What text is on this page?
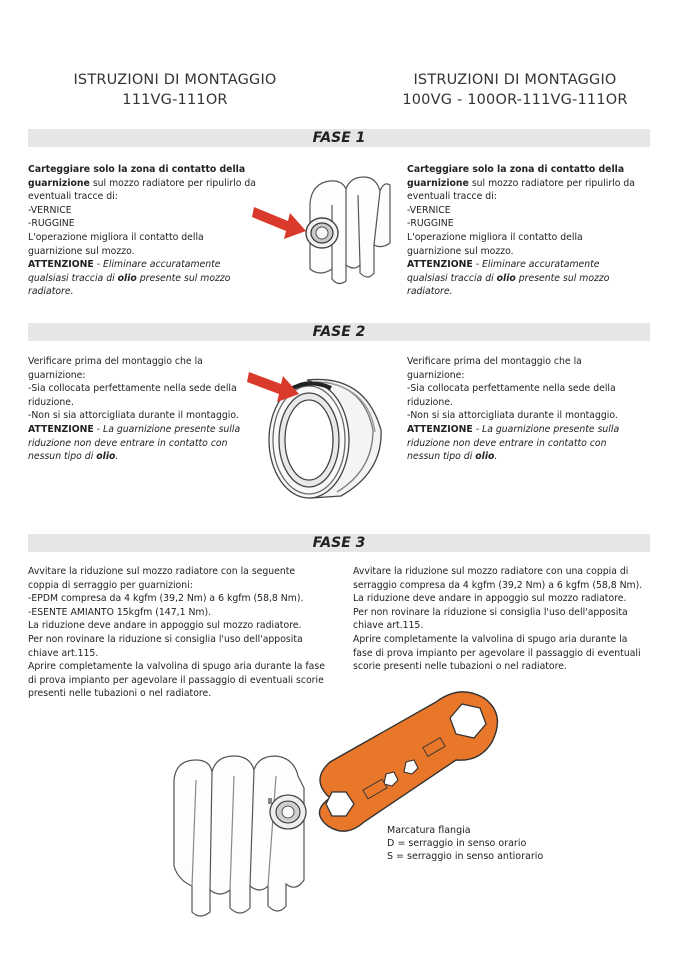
ISTRUZIONI DI MONTAGGIO
111VG-111OR
ISTRUZIONI DI MONTAGGIO
100VG - 100OR-111VG-111OR
FASE 1
Carteggiare solo la zona di contatto della guarnizione sul mozzo radiatore per ripulirlo da eventuali tracce di:
-VERNICE
-RUGGINE
L'operazione migliora il contatto della guarnizione sul mozzo.
ATTENZIONE - Eliminare accuratamente qualsiasi traccia di olio presente sul mozzo radiatore.
Carteggiare solo la zona di contatto della guarnizione sul mozzo radiatore per ripulirlo da eventuali tracce di:
-VERNICE
-RUGGINE
L'operazione migliora il contatto della guarnizione sul mozzo.
ATTENZIONE - Eliminare accuratamente qualsiasi traccia di olio presente sul mozzo radiatore.
FASE 2
Verificare prima del montaggio che la guarnizione:
-Sia collocata perfettamente nella sede della riduzione.
-Non si sia attorcigliata durante il montaggio.
ATTENZIONE - La guarnizione presente sulla riduzione non deve entrare in contatto con nessun tipo di olio.
Verificare prima del montaggio che la guarnizione:
-Sia collocata perfettamente nella sede della riduzione.
-Non si sia attorcigliata durante il montaggio.
ATTENZIONE - La guarnizione presente sulla riduzione non deve entrare in contatto con nessun tipo di olio.
FASE 3
Avvitare la riduzione sul mozzo radiatore con la seguente
coppia di serraggio per guarnizioni:
-EPDM compresa da 4 kgfm (39,2 Nm) a 6 kgfm (58,8 Nm).
-ESENTE AMIANTO 15kgfm (147,1 Nm).
La riduzione deve andare in appoggio sul mozzo radiatore.
Per non rovinare la riduzione si consiglia l'uso dell'apposita
chiave art.115.
Aprire completamente la valvolina di spugo aria durante la fase
di prova impianto per agevolare il passaggio di eventuali scorie
presenti nelle tubazioni o nel radiatore.
Avvitare la riduzione sul mozzo radiatore con una coppia di
serraggio compresa da 4 kgfm (39,2 Nm) a 6 kgfm (58,8 Nm).
La riduzione deve andare in appoggio sul mozzo radiatore.
Per non rovinare la riduzione si consiglia l'uso dell'apposita
chiave art.115.
Aprire completamente la valvolina di spugo aria durante la
fase di prova impianto per agevolare il passaggio di eventuali
scorie presenti nelle tubazioni o nel radiatore.
Marcatura flangia
D = serraggio in senso orario
S = serraggio in senso antiorario
